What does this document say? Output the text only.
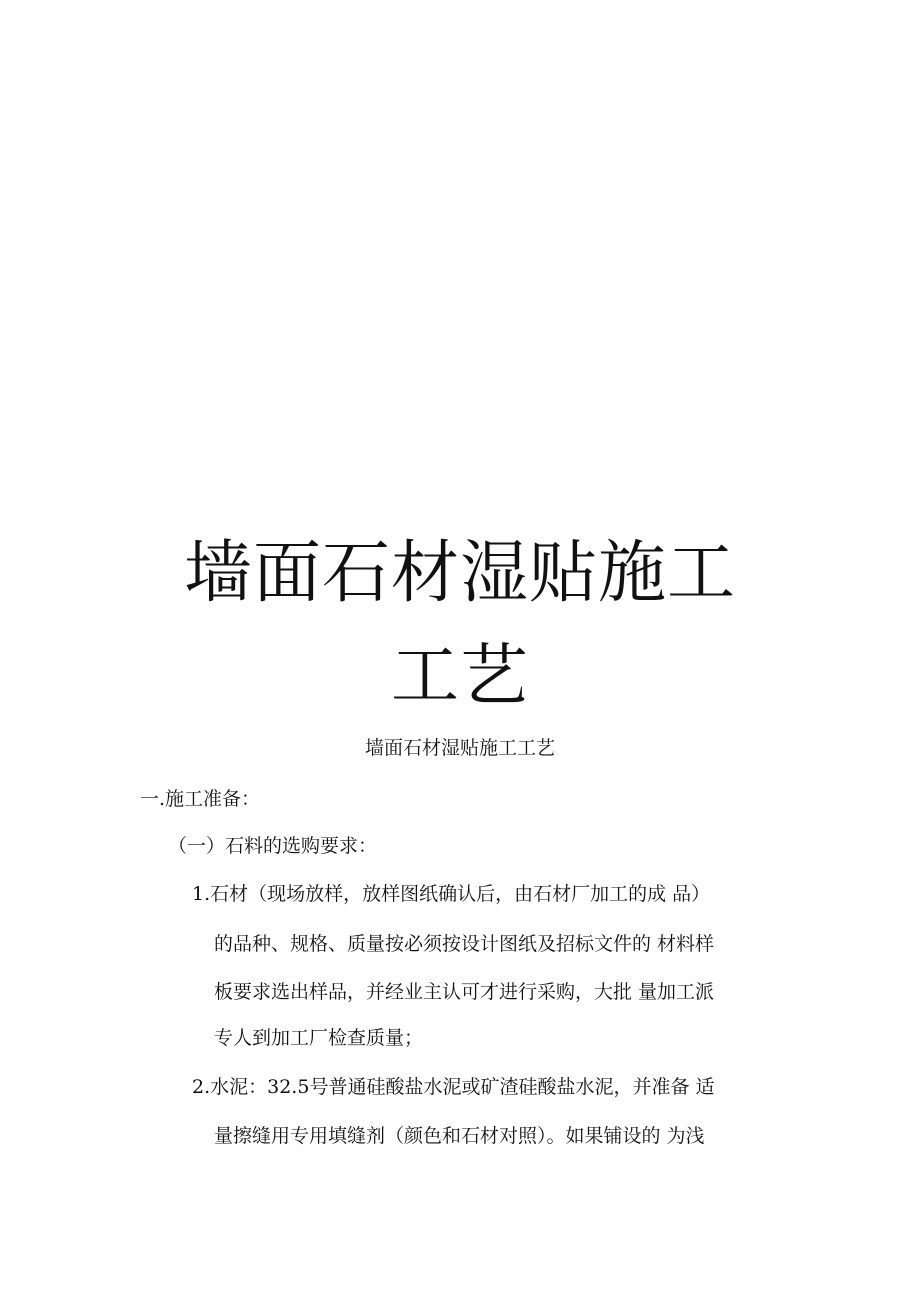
墙面石材湿贴施工
工艺

墙面石材湿贴施工工艺

一.施工准备：

（一）石料的选购要求：

1.石材（现场放样，放样图纸确认后，由石材厂加工的成 品）

的品种、规格、质量按必须按设计图纸及招标文件的 材料样

板要求选出样品，并经业主认可才进行采购，大批 量加工派

专人到加工厂检查质量；

2.水泥：32.5号普通硅酸盐水泥或矿渣硅酸盐水泥，并准备 适

量擦缝用专用填缝剂（颜色和石材对照）。如果铺设的 为浅
